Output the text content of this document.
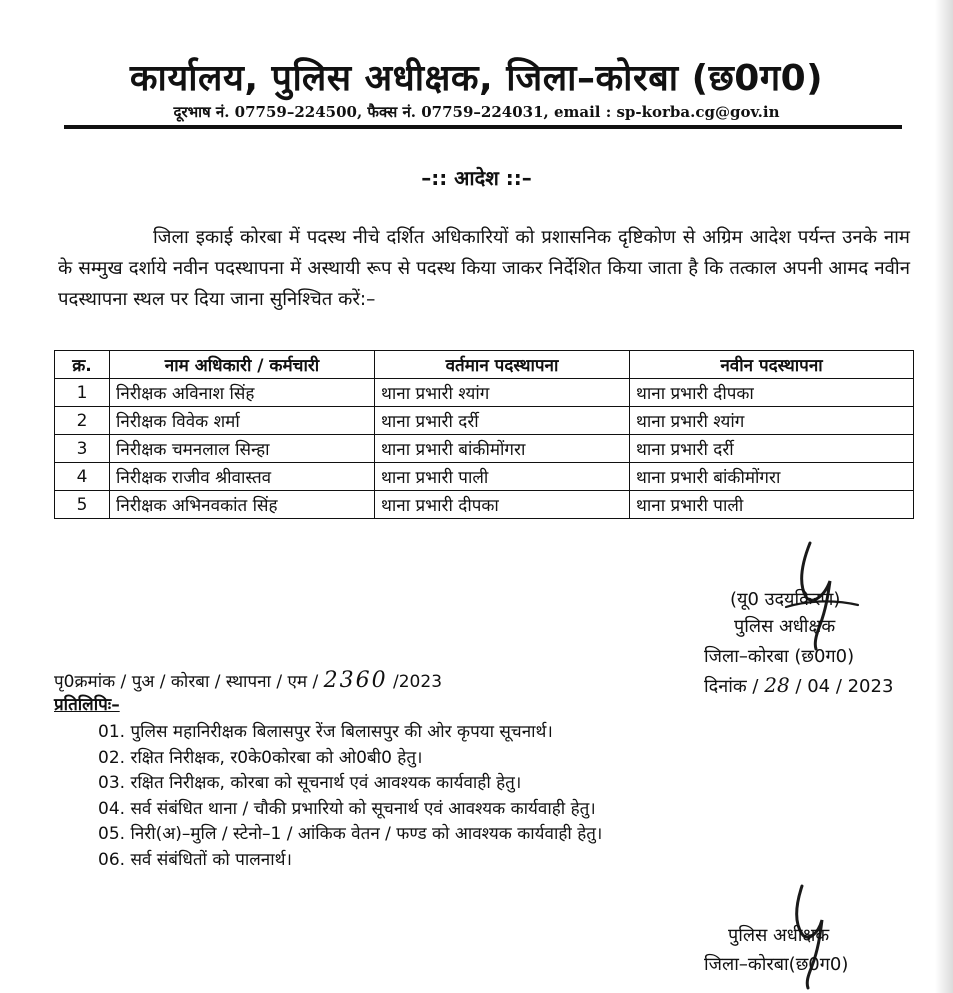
कार्यालय, पुलिस अधीक्षक, जिला–कोरबा (छ0ग0)
दूरभाष नं. 07759–224500, फैक्स नं. 07759–224031, email : sp-korba.cg@gov.in
–:: आदेश ::–

जिला इकाई कोरबा में पदस्थ नीचे दर्शित अधिकारियों को प्रशासनिक दृष्टिकोण से अग्रिम आदेश पर्यन्त उनके नाम के सम्मुख दर्शाये नवीन पदस्थापना में अस्थायी रूप से पदस्थ किया जाकर निर्देशित किया जाता है कि तत्काल अपनी आमद नवीन पदस्थापना स्थल पर दिया जाना सुनिश्चित करें:–

क्र.	नाम अधिकारी / कर्मचारी	वर्तमान पदस्थापना	नवीन पदस्थापना
1	निरीक्षक अविनाश सिंह	थाना प्रभारी श्यांग	थाना प्रभारी दीपका
2	निरीक्षक विवेक शर्मा	थाना प्रभारी दर्री	थाना प्रभारी श्यांग
3	निरीक्षक चमनलाल सिन्हा	थाना प्रभारी बांकीमोंगरा	थाना प्रभारी दर्री
4	निरीक्षक राजीव श्रीवास्तव	थाना प्रभारी पाली	थाना प्रभारी बांकीमोंगरा
5	निरीक्षक अभिनवकांत सिंह	थाना प्रभारी दीपका	थाना प्रभारी पाली
(यू0 उदयकिरण)
पुलिस अधीक्षक
जिला–कोरबा (छ0ग0)
दिनांक / 28 / 04 / 2023
पृ0क्रमांक / पुअ / कोरबा / स्थापना / एम / 2360 /2023
प्रतिलिपिः–
01. पुलिस महानिरीक्षक बिलासपुर रेंज बिलासपुर की ओर कृपया सूचनार्थ।
02. रक्षित निरीक्षक, र0के0कोरबा को ओ0बी0 हेतु।
03. रक्षित निरीक्षक, कोरबा को सूचनार्थ एवं आवश्यक कार्यवाही हेतु।
04. सर्व संबंधित थाना / चौकी प्रभारियो को सूचनार्थ एवं आवश्यक कार्यवाही हेतु।
05. निरी(अ)–मुलि / स्टेनो–1 / आंकिक वेतन / फण्ड को आवश्यक कार्यवाही हेतु।
06. सर्व संबंधितों को पालनार्थ।
पुलिस अधीक्षक
जिला–कोरबा(छ0ग0)
